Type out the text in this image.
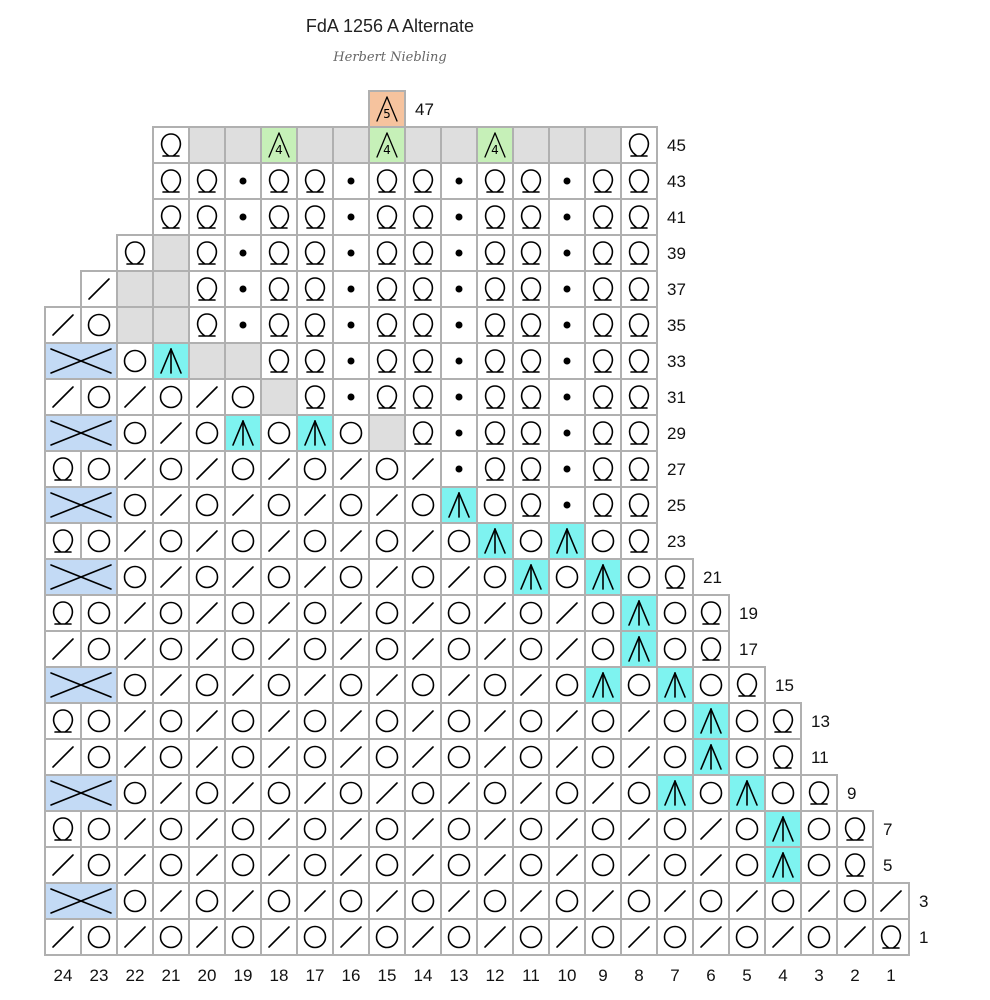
FdA 1256 A Alternate
Herbert Niebling
5
4	4	4
47
45
43
41
39
37
35
33
31
29
27
25
23
21
19
17
15
13
11
9
7
5
3
1
24 23 22 21 20 19 18 17 16 15 14 13 12 11 10 9 8 7 6 5 4 3 2 1
